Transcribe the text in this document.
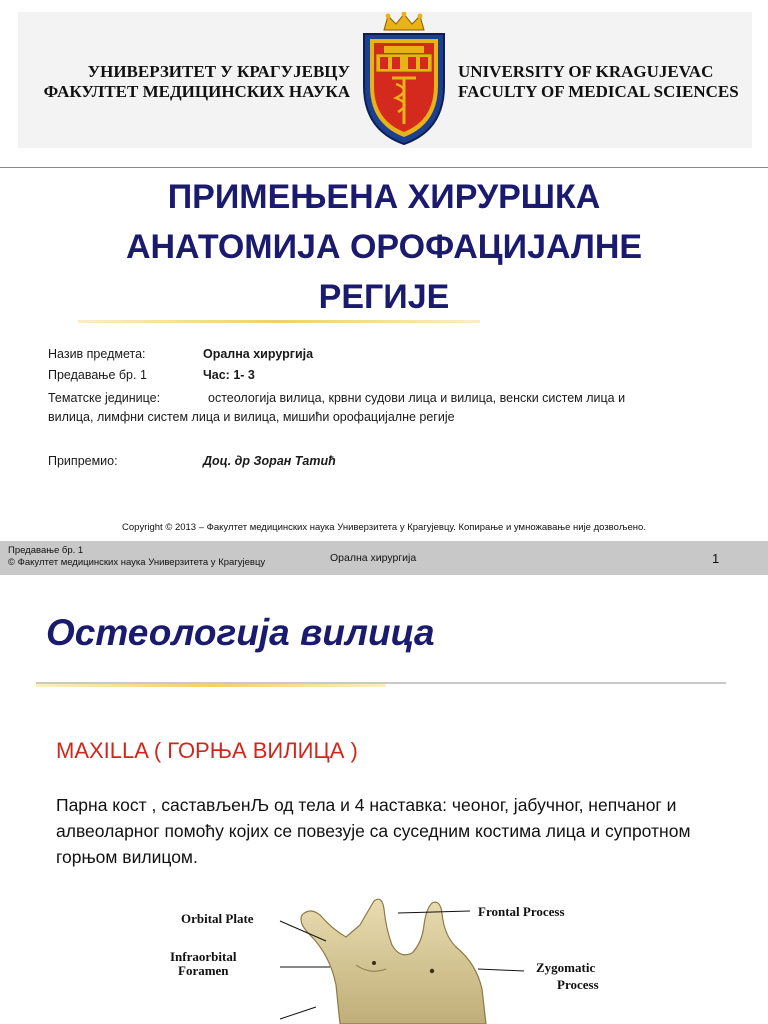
УНИВЕРЗИТЕТ У КРАГУЈЕВЦУ
ФАКУЛТЕТ МЕДИЦИНСКИХ НАУКА
UNIVERSITY OF KRAGUJEVAC
FACULTY OF MEDICAL SCIENCES
ПРИМЕЊЕНА ХИРУРШКА
АНАТОМИЈА ОРОФАЦИЈАЛНЕ
РЕГИЈЕ
Назив предмета:	Орална хирургија
Предавање бр. 1	Час: 1- 3
Тематске јединице:	остеологија вилица, крвни судови лица и вилица, венски систем лица и
вилица, лимфни систем лица и вилица, мишићи орофацијалне регије
Припремио:	Доц. др Зоран Татић
Copyright © 2013 – Факултет медицинских наука Универзитета у Крагујевцу. Копирање и умножавање није дозвољено.
Предавање бр. 1
© Факултет медицинских наука Универзитета у Крагујевцу	Орална хирургија	1
Остеологија вилица
MAXILLA ( ГОРЊА ВИЛИЦА )
Парна кост , састављенЉ од тела и 4 наставка: чеоног, јабучног, непчаног и алвеоларног помоћу којих се повезује са суседним костима лица и супротном горњом вилицом.
Orbital Plate
Infraorbital
Foramen
Frontal Process
Zygomatic
Process
